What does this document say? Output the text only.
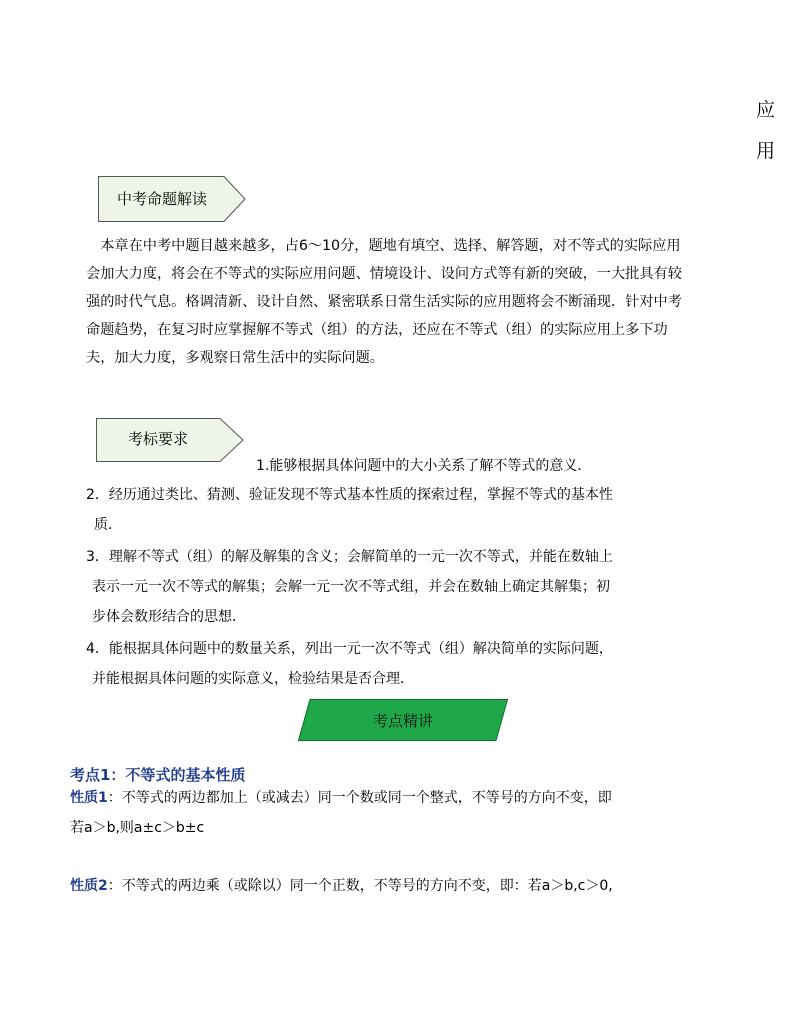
应
用
中考命题解读
　本章在中考中题目越来越多，占6～10分，题地有填空、选择、解答题，对不等式的实际应用会加大力度，将会在不等式的实际应用问题、情境设计、设问方式等有新的突破，一大批具有较强的时代气息。格调清新、设计自然、紧密联系日常生活实际的应用题将会不断涌现．针对中考命题趋势，在复习时应掌握解不等式（组）的方法，还应在不等式（组）的实际应用上多下功夫，加大力度，多观察日常生活中的实际问题。
考标要求
1.能够根据具体问题中的大小关系了解不等式的意义．
2．经历通过类比、猜测、验证发现不等式基本性质的探索过程，掌握不等式的基本性
质．
3．理解不等式（组）的解及解集的含义；会解简单的一元一次不等式，并能在数轴上
表示一元一次不等式的解集；会解一元一次不等式组，并会在数轴上确定其解集；初
步体会数形结合的思想．
4．能根据具体问题中的数量关系，列出一元一次不等式（组）解决简单的实际问题，
并能根据具体问题的实际意义，检验结果是否合理．
考点精讲
考点1：不等式的基本性质
性质1：不等式的两边都加上（或减去）同一个数或同一个整式，不等号的方向不变，即
若a＞b,则a±c＞b±c
性质2：不等式的两边乘（或除以）同一个正数，不等号的方向不变，即：若a＞b,c＞0,
